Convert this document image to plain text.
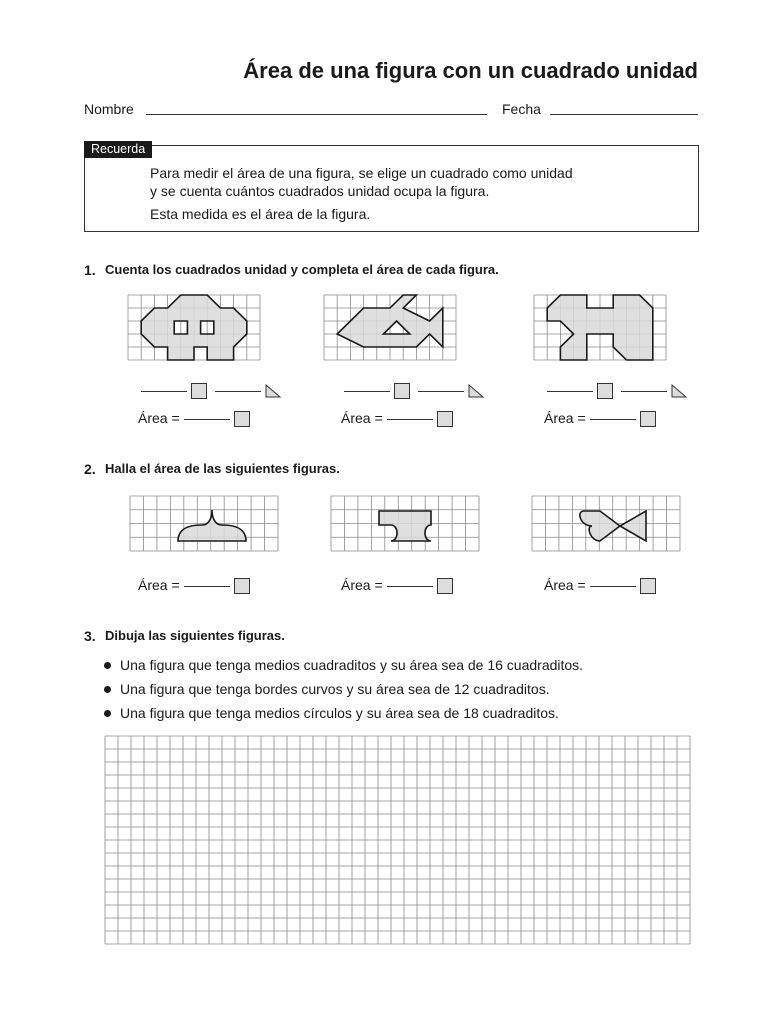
Área de una figura con un cuadrado unidad
Nombre	Fecha
Recuerda
Para medir el área de una figura, se elige un cuadrado como unidad
y se cuenta cuántos cuadrados unidad ocupa la figura.
Esta medida es el área de la figura.
1. Cuenta los cuadrados unidad y completa el área de cada figura.

Área =	Área =	Área =
2. Halla el área de las siguientes figuras.
Área =	Área =	Área =
3. Dibuja las siguientes figuras.
Una figura que tenga medios cuadraditos y su área sea de 16 cuadraditos.
Una figura que tenga bordes curvos y su área sea de 12 cuadraditos.
Una figura que tenga medios círculos y su área sea de 18 cuadraditos.
